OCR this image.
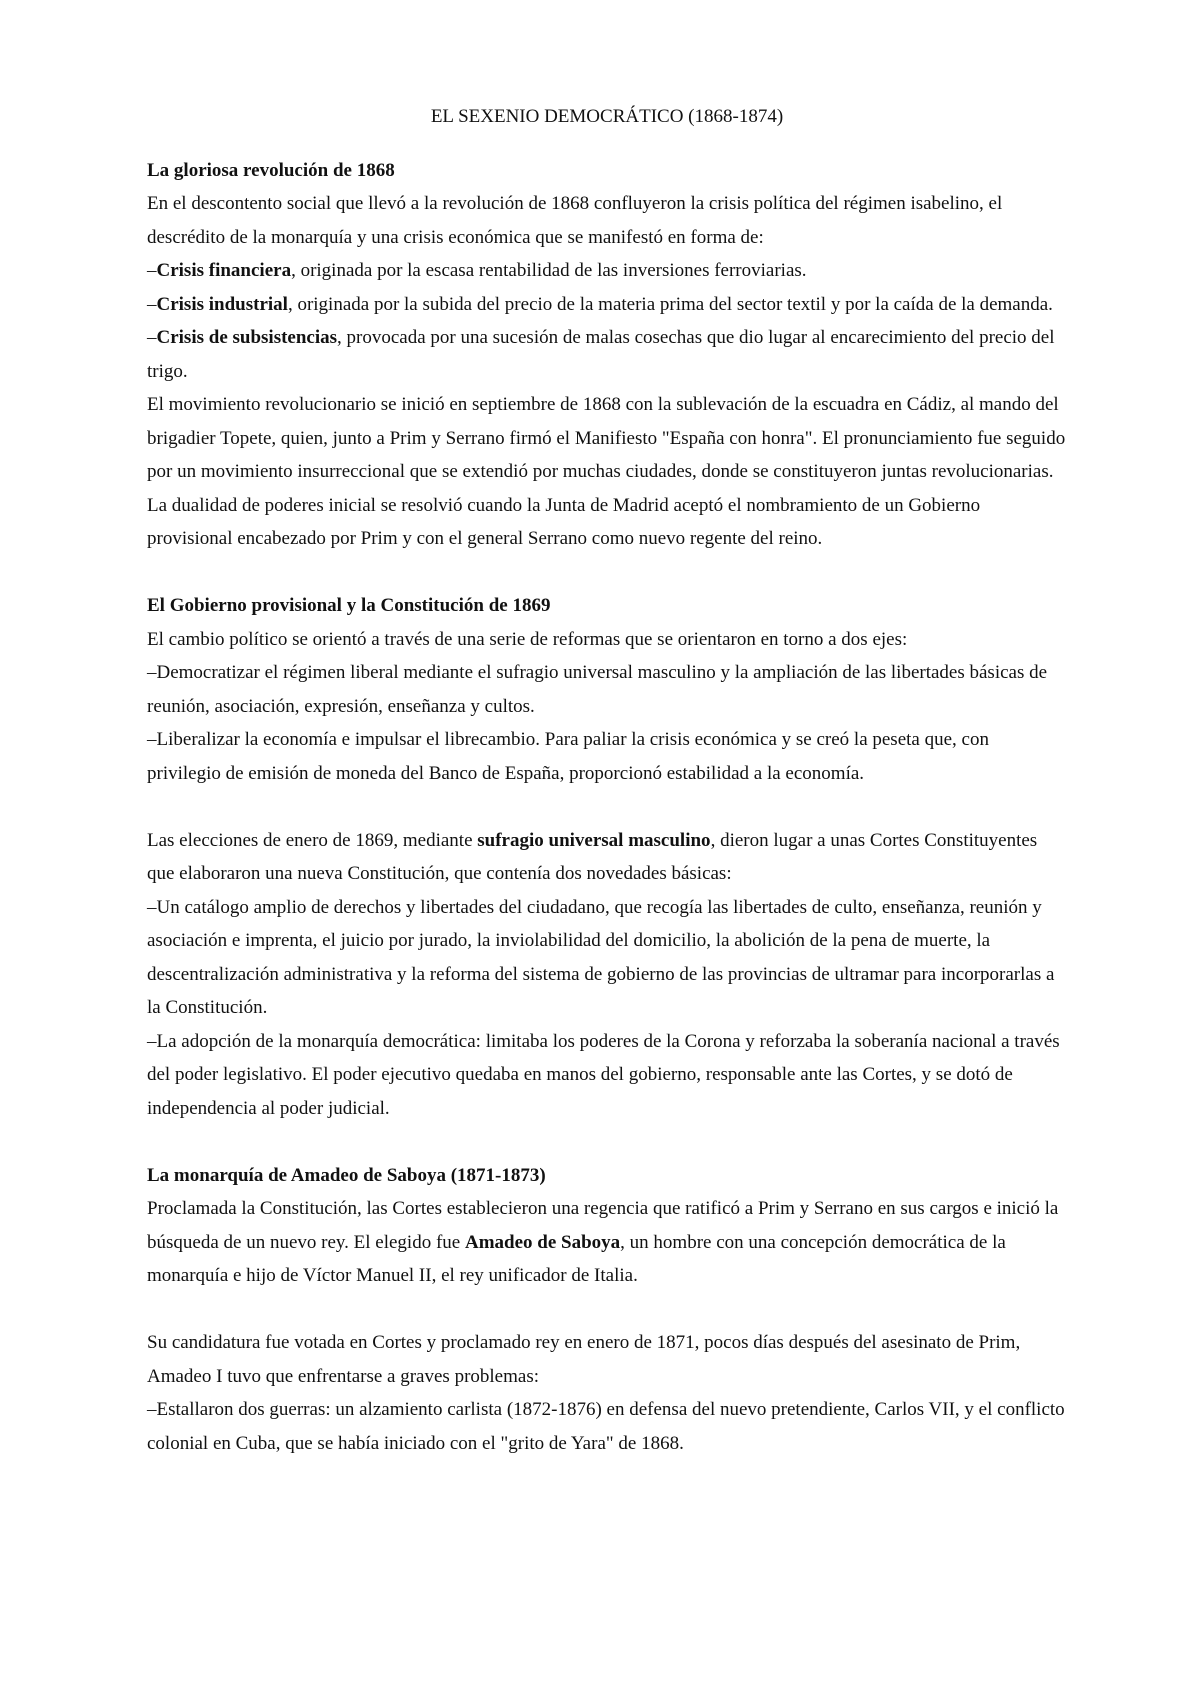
EL SEXENIO DEMOCRÁTICO (1868-1874)

La gloriosa revolución de 1868

En el descontento social que llevó a la revolución de 1868 confluyeron la crisis política del régimen isabelino, el descrédito de la monarquía y una crisis económica que se manifestó en forma de:

–Crisis financiera, originada por la escasa rentabilidad de las inversiones ferroviarias.

–Crisis industrial, originada por la subida del precio de la materia prima del sector textil y por la caída de la demanda.

–Crisis de subsistencias, provocada por una sucesión de malas cosechas que dio lugar al encarecimiento del precio del trigo.

El movimiento revolucionario se inició en septiembre de 1868 con la sublevación de la escuadra en Cádiz, al mando del brigadier Topete, quien, junto a Prim y Serrano firmó el Manifiesto "España con honra". El pronunciamiento fue seguido por un movimiento insurreccional que se extendió por muchas ciudades, donde se constituyeron juntas revolucionarias.

La dualidad de poderes inicial se resolvió cuando la Junta de Madrid aceptó el nombramiento de un Gobierno provisional encabezado por Prim y con el general Serrano como nuevo regente del reino.

El Gobierno provisional y la Constitución de 1869

El cambio político se orientó a través de una serie de reformas que se orientaron en torno a dos ejes:

–Democratizar el régimen liberal mediante el sufragio universal masculino y la ampliación de las libertades básicas de reunión, asociación, expresión, enseñanza y cultos.

–Liberalizar la economía e impulsar el librecambio. Para paliar la crisis económica y se creó la peseta que, con privilegio de emisión de moneda del Banco de España, proporcionó estabilidad a la economía.

Las elecciones de enero de 1869, mediante sufragio universal masculino, dieron lugar a unas Cortes Constituyentes que elaboraron una nueva Constitución, que contenía dos novedades básicas:

–Un catálogo amplio de derechos y libertades del ciudadano, que recogía las libertades de culto, enseñanza, reunión y asociación e imprenta, el juicio por jurado, la inviolabilidad del domicilio, la abolición de la pena de muerte, la descentralización administrativa y la reforma del sistema de gobierno de las provincias de ultramar para incorporarlas a la Constitución.

–La adopción de la monarquía democrática: limitaba los poderes de la Corona y reforzaba la soberanía nacional a través del poder legislativo. El poder ejecutivo quedaba en manos del gobierno, responsable ante las Cortes, y se dotó de independencia al poder judicial.

La monarquía de Amadeo de Saboya (1871-1873)

Proclamada la Constitución, las Cortes establecieron una regencia que ratificó a Prim y Serrano en sus cargos e inició la búsqueda de un nuevo rey. El elegido fue Amadeo de Saboya, un hombre con una concepción democrática de la monarquía e hijo de Víctor Manuel II, el rey unificador de Italia.

Su candidatura fue votada en Cortes y proclamado rey en enero de 1871, pocos días después del asesinato de Prim, Amadeo I tuvo que enfrentarse a graves problemas:

–Estallaron dos guerras: un alzamiento carlista (1872-1876) en defensa del nuevo pretendiente, Carlos VII, y el conflicto colonial en Cuba, que se había iniciado con el "grito de Yara" de 1868.
